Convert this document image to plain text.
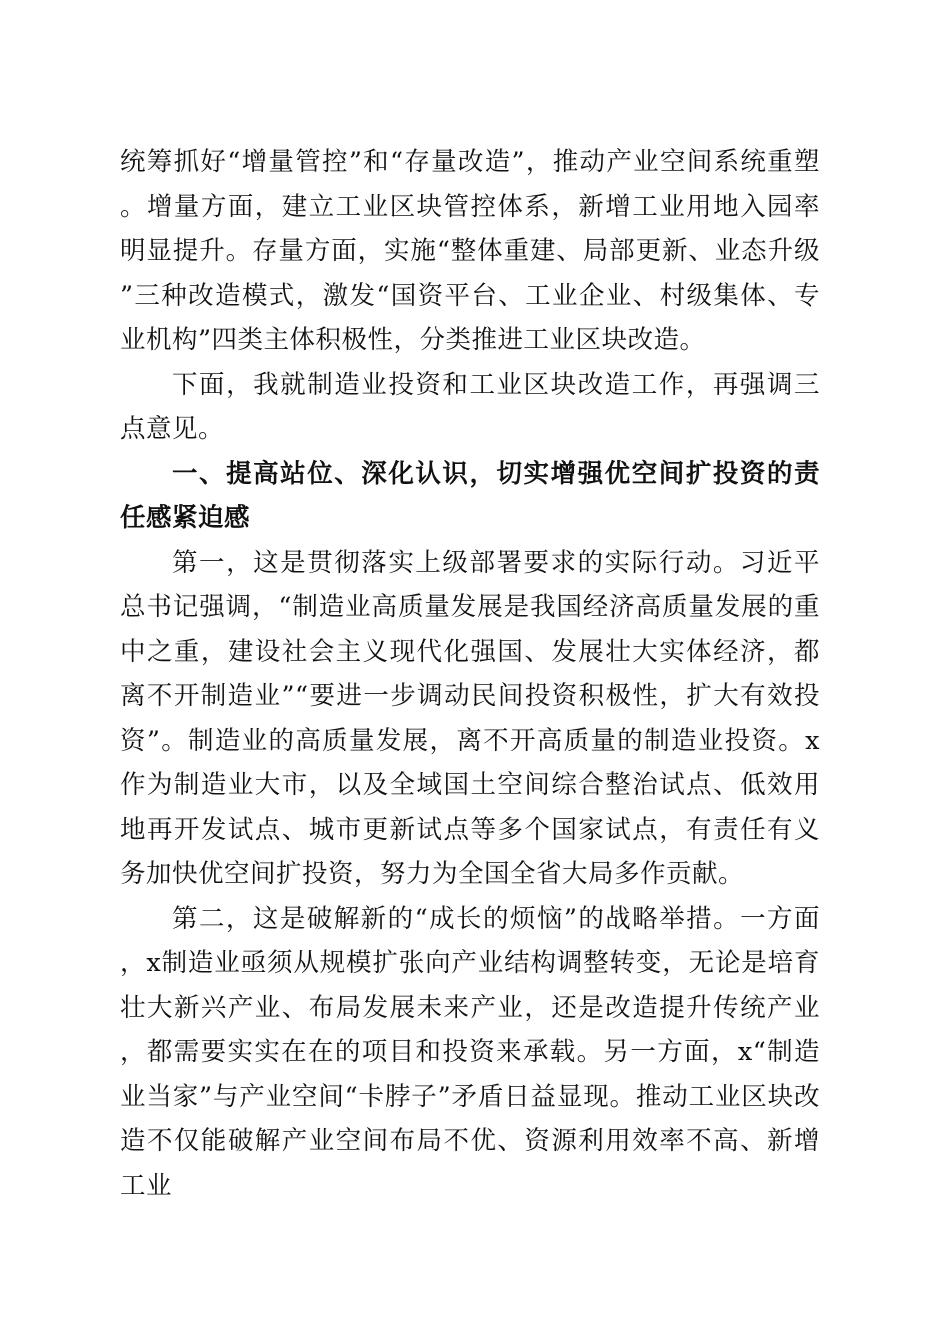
统筹抓好“增量管控”和“存量改造”，推动产业空间系统重塑。增量方面，建立工业区块管控体系，新增工业用地入园率明显提升。存量方面，实施“整体重建、局部更新、业态升级”三种改造模式，激发“国资平台、工业企业、村级集体、专业机构”四类主体积极性，分类推进工业区块改造。

下面，我就制造业投资和工业区块改造工作，再强调三点意见。

一、提高站位、深化认识，切实增强优空间扩投资的责任感紧迫感

第一，这是贯彻落实上级部署要求的实际行动。习近平总书记强调，“制造业高质量发展是我国经济高质量发展的重中之重，建设社会主义现代化强国、发展壮大实体经济，都离不开制造业”“要进一步调动民间投资积极性，扩大有效投资”。制造业的高质量发展，离不开高质量的制造业投资。x作为制造业大市，以及全域国土空间综合整治试点、低效用地再开发试点、城市更新试点等多个国家试点，有责任有义务加快优空间扩投资，努力为全国全省大局多作贡献。

第二，这是破解新的“成长的烦恼”的战略举措。一方面，x制造业亟须从规模扩张向产业结构调整转变，无论是培育壮大新兴产业、布局发展未来产业，还是改造提升传统产业，都需要实实在在的项目和投资来承载。另一方面，x“制造业当家”与产业空间“卡脖子”矛盾日益显现。推动工业区块改造不仅能破解产业空间布局不优、资源利用效率不高、新增工业
